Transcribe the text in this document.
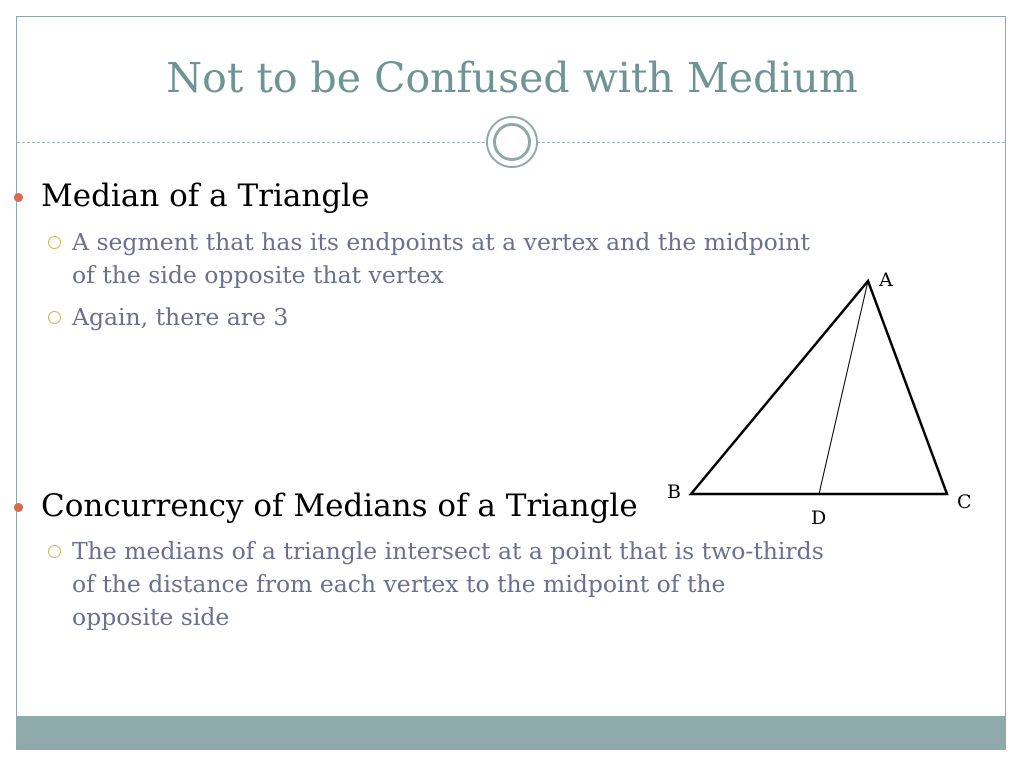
Not to be Confused with Medium
A
B	C
D
Median of a Triangle
A segment that has its endpoints at a vertex and the midpoint
of the side opposite that vertex
Again, there are 3
Concurrency of Medians of a Triangle
The medians of a triangle intersect at a point that is two-thirds
of the distance from each vertex to the midpoint of the
opposite side
